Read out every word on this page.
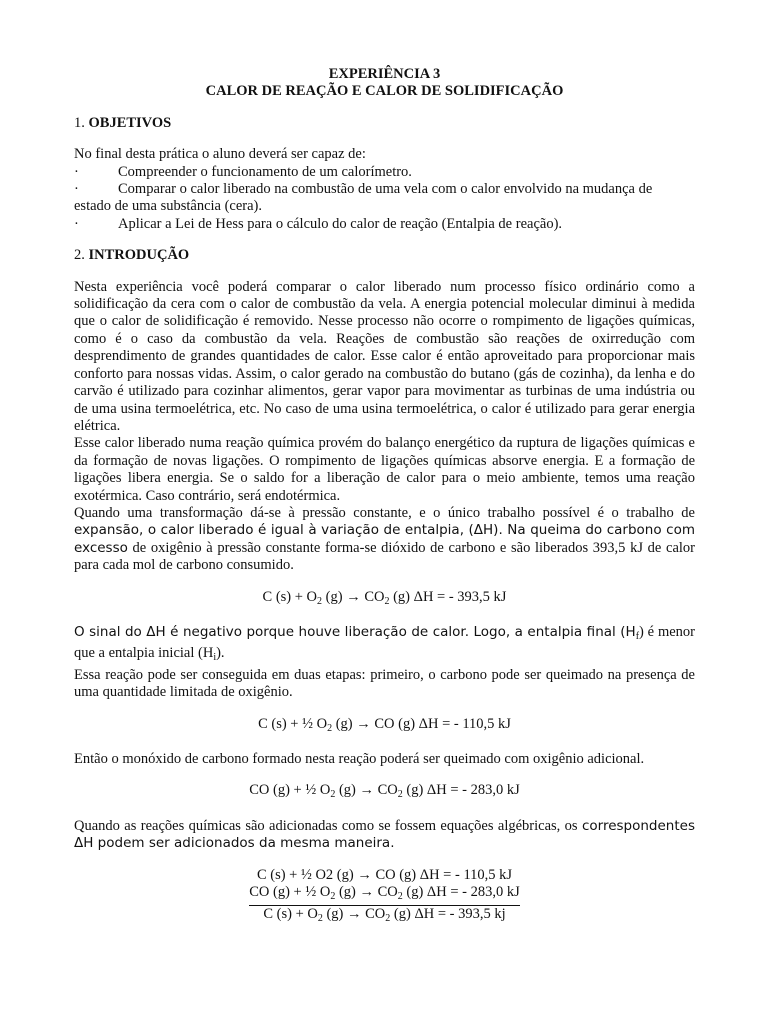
EXPERIÊNCIA 3
CALOR DE REAÇÃO E CALOR DE SOLIDIFICAÇÃO
1. OBJETIVOS

No final desta prática o aluno deverá ser capaz de:

·	Compreender o funcionamento de um calorímetro.
·	Comparar o calor liberado na combustão de uma vela com o calor envolvido na mudança de

estado de uma substância (cera).

·	Aplicar a Lei de Hess para o cálculo do calor de reação (Entalpia de reação).
2. INTRODUÇÃO

Nesta experiência você poderá comparar o calor liberado num processo físico ordinário como a solidificação da cera com o calor de combustão da vela. A energia potencial molecular diminui à medida que o calor de solidificação é removido. Nesse processo não ocorre o rompimento de ligações químicas, como é o caso da combustão da vela. Reações de combustão são reações de oxirredução com desprendimento de grandes quantidades de calor. Esse calor é então aproveitado para proporcionar mais conforto para nossas vidas. Assim, o calor gerado na combustão do butano (gás de cozinha), da lenha e do carvão é utilizado para cozinhar alimentos, gerar vapor para movimentar as turbinas de uma indústria ou de uma usina termoelétrica, etc. No caso de uma usina termoelétrica, o calor é utilizado para gerar energia elétrica.

Esse calor liberado numa reação química provém do balanço energético da ruptura de ligações químicas e da formação de novas ligações. O rompimento de ligações químicas absorve energia. E a formação de ligações libera energia. Se o saldo for a liberação de calor para o meio ambiente, temos uma reação exotérmica. Caso contrário, será endotérmica.

Quando uma transformação dá-se à pressão constante, e o único trabalho possível é o trabalho de expansão, o calor liberado é igual à variação de entalpia, (ΔH). Na queima do carbono com excesso de oxigênio à pressão constante forma-se dióxido de carbono e são liberados 393,5 kJ de calor para cada mol de carbono consumido.

C $(s) + O_2$ $(g) \to CO_2$ (g) ΔH = - 393,5 kJ

O sinal do ΔH é negativo porque houve liberação de calor. Logo, a entalpia final $(H_f)$ é menor que a entalpia inicial $(H_i)$.

Essa reação pode ser conseguida em duas etapas: primeiro, o carbono pode ser queimado na presença de uma quantidade limitada de oxigênio.

C (s) + ½ $O_2$ (g) → CO (g) ΔH = - 110,5 kJ

Então o monóxido de carbono formado nesta reação poderá ser queimado com oxigênio adicional.

CO (g) + ½ $O_2$ $(g) \to CO_2$ (g) ΔH = - 283,0 kJ

Quando as reações químicas são adicionadas como se fossem equações algébricas, os correspondentes ΔH podem ser adicionados da mesma maneira.

C (s) + ½ O2 (g) → CO (g) ΔH = - 110,5 kJ
CO (g) + ½ $O_2$ $(g) \to CO_2$ (g) ΔH = - 283,0 kJ
C $(s) + O_2$ $(g) \to CO_2$ (g) ΔH = - 393,5 kj
